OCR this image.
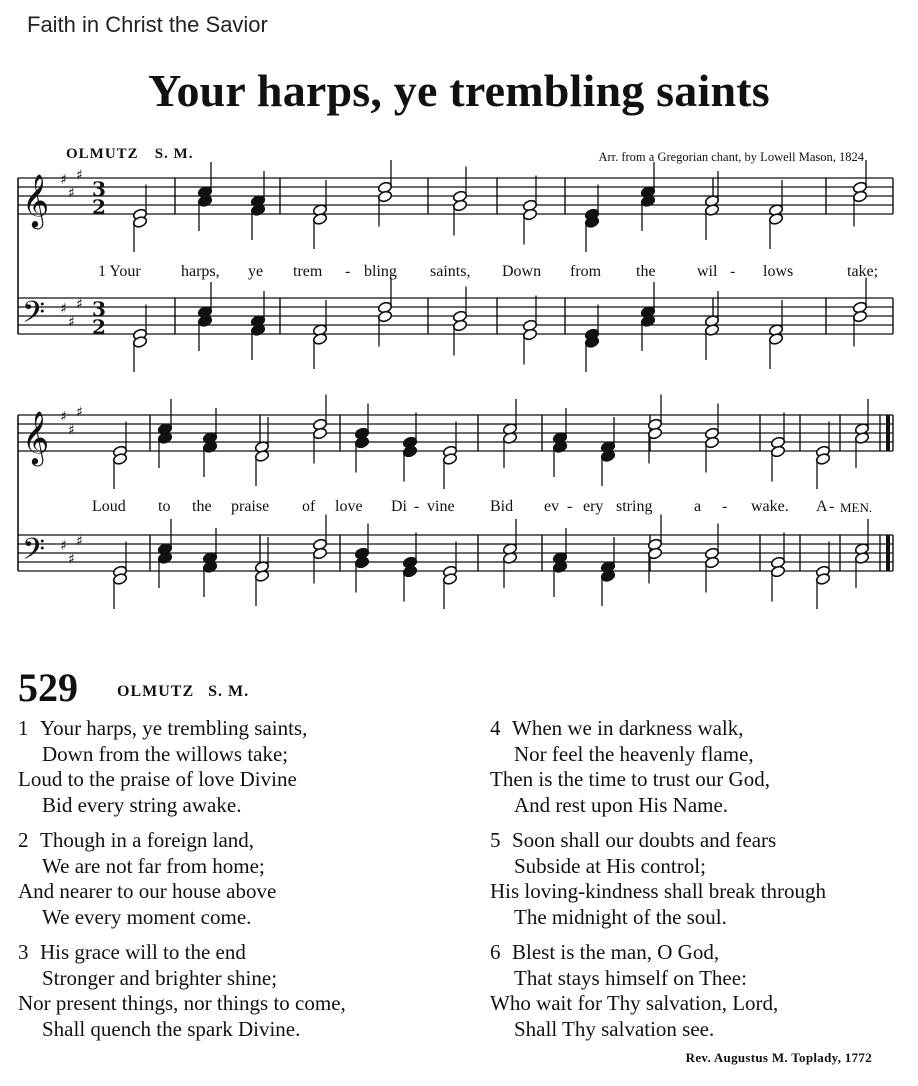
Faith in Christ the Savior
Your harps, ye trembling saints
OLMUTZ S. M.	Arr. from a Gregorian chant, by Lowell Mason, 1824
𝄞 ♯
♯
♯
3
2
𝄢 ♯
♯
♯ 3
2
𝄞 ♯
♯
♯
𝄢 ♯
♯
♯
1 Your	harps, ye trem - bling saints, Down from the	wil - lows	take;
Loud to the praise of love Di - vine Bid ev - ery string	a - wake. A - MEN.
529 OLMUTZ S. M.
1 Your harps, ye trembling saints,
Down from the willows take;
Loud to the praise of love Divine
Bid every string awake.
2 Though in a foreign land,
We are not far from home;
And nearer to our house above
We every moment come.
3 His grace will to the end
Stronger and brighter shine;
Nor present things, nor things to come,
Shall quench the spark Divine.
4 When we in darkness walk,
Nor feel the heavenly flame,
Then is the time to trust our God,
And rest upon His Name.
5 Soon shall our doubts and fears
Subside at His control;
His loving-kindness shall break through
The midnight of the soul.
6 Blest is the man, O God,
That stays himself on Thee:
Who wait for Thy salvation, Lord,
Shall Thy salvation see.
Rev. Augustus M. Toplady, 1772
